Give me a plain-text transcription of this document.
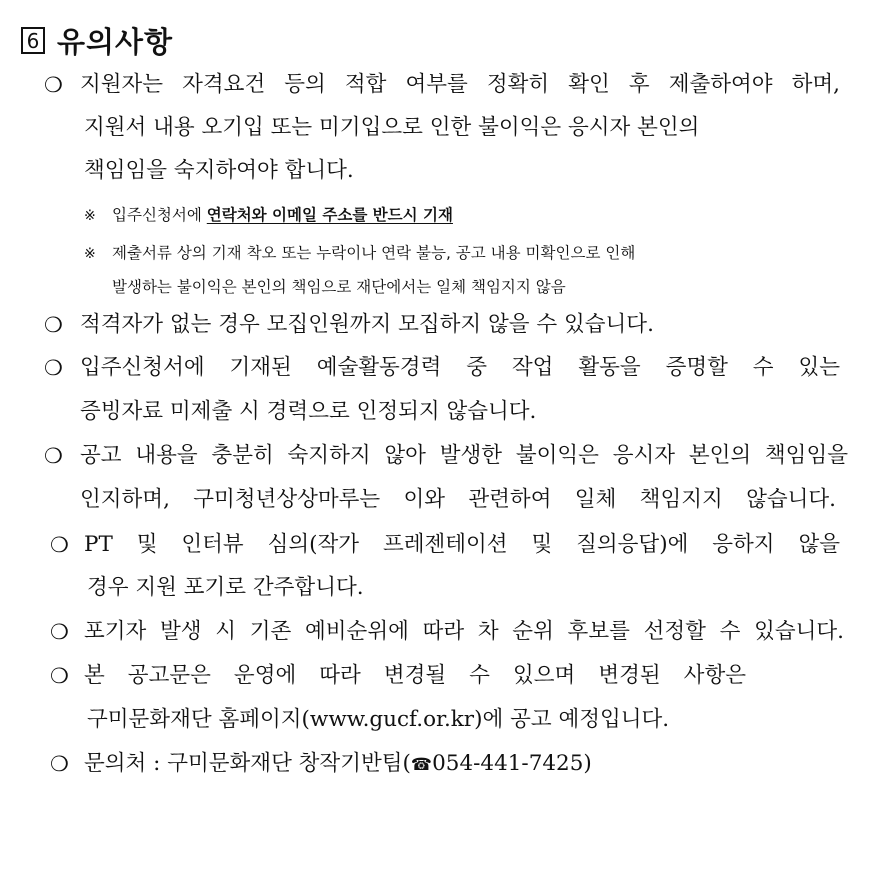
6 유의사항
❍ 지원자는 자격요건 등의 적합 여부를 정확히 확인 후 제출하여야 하며,
지원서 내용 오기입 또는 미기입으로 인한 불이익은 응시자 본인의
책임임을 숙지하여야 합니다.
※ 입주신청서에 연락처와 이메일 주소를 반드시 기재
※ 제출서류 상의 기재 착오 또는 누락이나 연락 불능, 공고 내용 미확인으로 인해
발생하는 불이익은 본인의 책임으로 재단에서는 일체 책임지지 않음
❍ 적격자가 없는 경우 모집인원까지 모집하지 않을 수 있습니다.
❍ 입주신청서에 기재된 예술활동경력 중 작업 활동을 증명할 수 있는
증빙자료 미제출 시 경력으로 인정되지 않습니다.
❍ 공고 내용을 충분히 숙지하지 않아 발생한 불이익은 응시자 본인의 책임임을
인지하며, 구미청년상상마루는 이와 관련하여 일체 책임지지 않습니다.
❍ PT 및 인터뷰 심의(작가 프레젠테이션 및 질의응답)에 응하지 않을
경우 지원 포기로 간주합니다.
❍ 포기자 발생 시 기존 예비순위에 따라 차 순위 후보를 선정할 수 있습니다.
❍ 본 공고문은 운영에 따라 변경될 수 있으며 변경된 사항은
구미문화재단 홈페이지(www.gucf.or.kr)에 공고 예정입니다.
❍ 문의처 : 구미문화재단 창작기반팀(☎054-441-7425)
